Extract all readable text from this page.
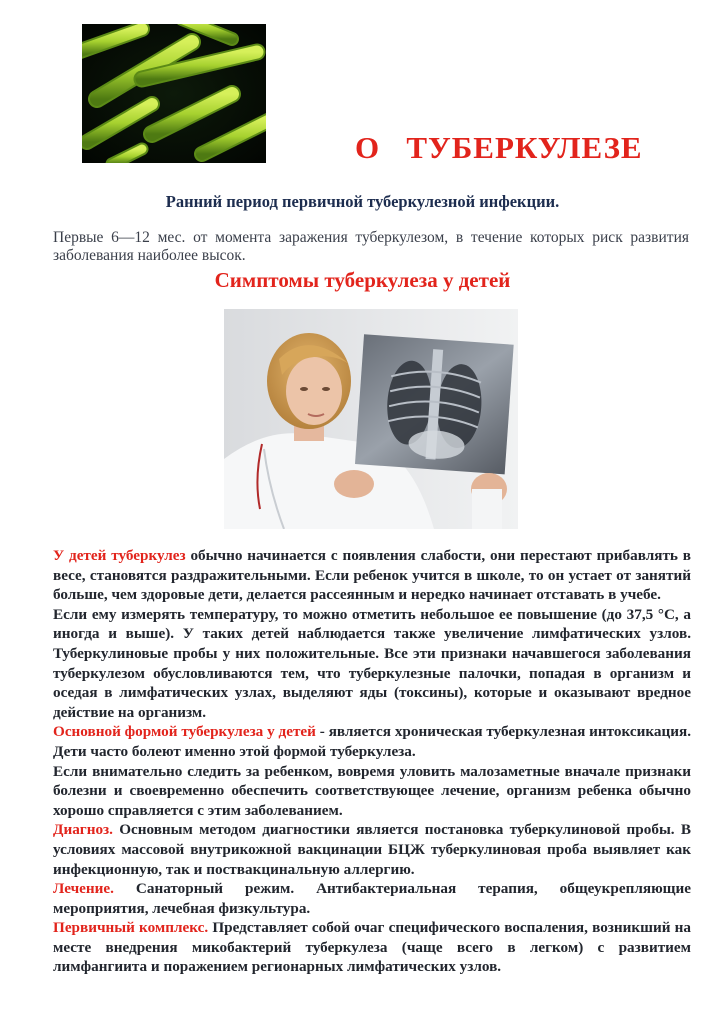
О   ТУБЕРКУЛЕЗЕ
Ранний период первичной туберкулезной инфекции.
Первые 6—12 мес. от момента заражения туберкулезом, в течение которых риск развития заболевания наиболее высок.
Симптомы туберкулеза у детей

У детей туберкулез обычно начинается с появления слабости, они перестают прибавлять в весе, становятся раздражительными. Если ребенок учится в школе, то он устает от занятий больше, чем здоровые дети, делается рассеянным и нередко начинает отставать в учебе.

Если ему измерять температуру, то можно отметить небольшое ее повышение (до 37,5 °С, а иногда и выше). У таких детей наблюдается также увеличение лимфатических узлов. Туберкулиновые пробы у них положительные. Все эти признаки начавшегося заболевания туберкулезом обусловливаются тем, что туберкулезные палочки, попадая в организм и оседая в лимфатических узлах, выделяют яды (токсины), которые и оказывают вредное действие на организм.

Основной формой туберкулеза у детей - является хроническая туберкулезная интоксикация. Дети часто болеют именно этой формой туберкулеза.

Если внимательно следить за ребенком, вовремя уловить малозаметные вначале признаки болезни и своевременно обеспечить соответствующее лечение, организм ребенка обычно хорошо справляется с этим заболеванием.

Диагноз. Основным методом диагностики является постановка туберкулиновой пробы. В условиях массовой внутрикожной вакцинации БЦЖ туберкулиновая проба выявляет как инфекционную, так и поствакцинальную аллергию.

Лечение. Санаторный режим. Антибактериальная терапия, общеукрепляющие мероприятия, лечебная физкультура.

Первичный комплекс. Представляет собой очаг специфического воспаления, возникший на месте внедрения микобактерий туберкулеза (чаще всего в легком) с развитием лимфангиита и поражением регионарных лимфатических узлов.
